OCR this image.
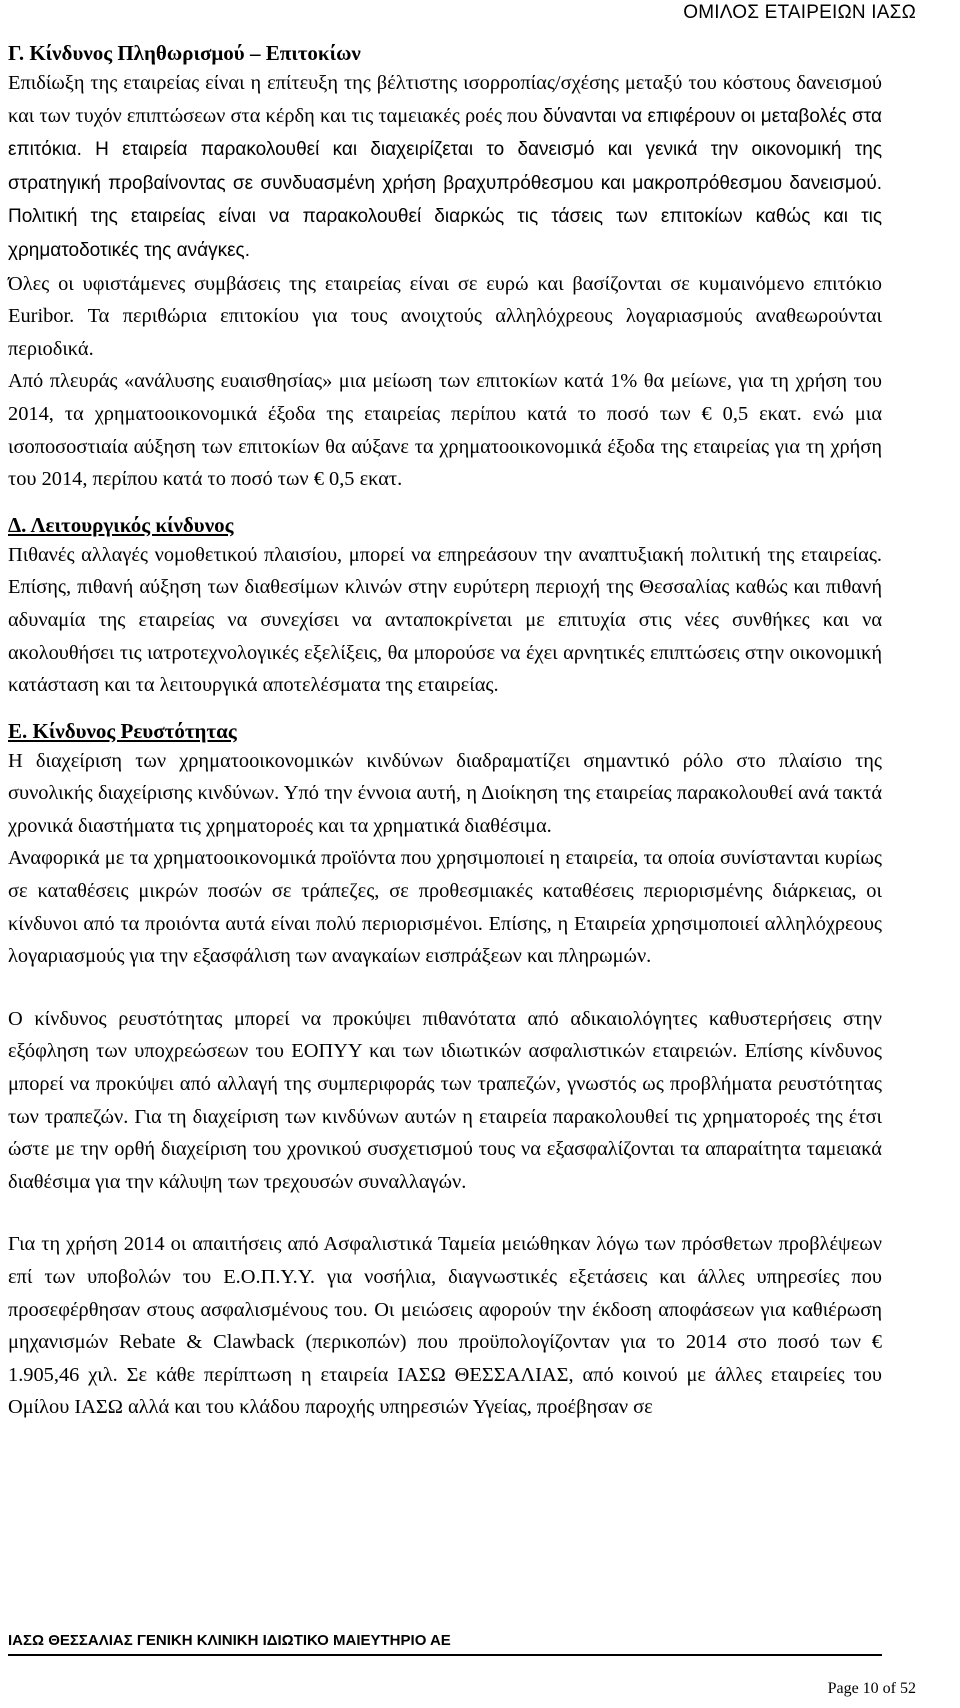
ΟΜΙΛΟΣ ΕΤΑΙΡΕΙΩΝ ΙΑΣΩ
Γ. Κίνδυνος Πληθωρισμού – Επιτοκίων

Επιδίωξη της εταιρείας είναι η επίτευξη της βέλτιστης ισορροπίας/σχέσης μεταξύ του κόστους δανεισμού και των τυχόν επιπτώσεων στα κέρδη και τις ταμειακές ροές που δύνανται να επιφέρουν οι μεταβολές στα επιτόκια. Η εταιρεία παρακολουθεί και διαχειρίζεται το δανεισμό και γενικά την οικονομική της στρατηγική προβαίνοντας σε συνδυασμένη χρήση βραχυπρόθεσμου και μακροπρόθεσμου δανεισμού. Πολιτική της εταιρείας είναι να παρακολουθεί διαρκώς τις τάσεις των επιτοκίων καθώς και τις χρηματοδοτικές της ανάγκες.

Όλες οι υφιστάμενες συμβάσεις της εταιρείας είναι σε ευρώ και βασίζονται σε κυμαινόμενο επιτόκιο Euribor. Τα περιθώρια επιτοκίου για τους ανοιχτούς αλληλόχρεους λογαριασμούς αναθεωρούνται περιοδικά.

Από πλευράς «ανάλυσης ευαισθησίας» μια μείωση των επιτοκίων κατά 1% θα μείωνε, για τη χρήση του 2014, τα χρηματοοικονομικά έξοδα της εταιρείας περίπου κατά το ποσό των € 0,5 εκατ. ενώ μια ισοποσοστιαία αύξηση των επιτοκίων θα αύξανε τα χρηματοοικονομικά έξοδα της εταιρείας για τη χρήση του 2014, περίπου κατά το ποσό των € 0,5 εκατ.

Δ. Λειτουργικός κίνδυνος

Πιθανές αλλαγές νομοθετικού πλαισίου, μπορεί να επηρεάσουν την αναπτυξιακή πολιτική της εταιρείας. Επίσης, πιθανή αύξηση των διαθεσίμων κλινών στην ευρύτερη περιοχή της Θεσσαλίας καθώς και πιθανή αδυναμία της εταιρείας να συνεχίσει να ανταποκρίνεται με επιτυχία στις νέες συνθήκες και να ακολουθήσει τις ιατροτεχνολογικές εξελίξεις, θα μπορούσε να έχει αρνητικές επιπτώσεις στην οικονομική κατάσταση και τα λειτουργικά αποτελέσματα της εταιρείας.

Ε. Κίνδυνος Ρευστότητας

Η διαχείριση των χρηματοοικονομικών κινδύνων διαδραματίζει σημαντικό ρόλο στο πλαίσιο της συνολικής διαχείρισης κινδύνων. Υπό την έννοια αυτή, η Διοίκηση της εταιρείας παρακολουθεί ανά τακτά χρονικά διαστήματα τις χρηματοροές και τα χρηματικά διαθέσιμα.

Αναφορικά με τα χρηματοοικονομικά προϊόντα που χρησιμοποιεί η εταιρεία, τα οποία συνίστανται κυρίως σε καταθέσεις μικρών ποσών σε τράπεζες, σε προθεσμιακές καταθέσεις περιορισμένης διάρκειας, οι κίνδυνοι από τα προιόντα αυτά είναι πολύ περιορισμένοι. Επίσης, η Εταιρεία χρησιμοποιεί αλληλόχρεους λογαριασμούς για την εξασφάλιση των αναγκαίων εισπράξεων και πληρωμών.

Ο κίνδυνος ρευστότητας μπορεί να προκύψει πιθανότατα από αδικαιολόγητες καθυστερήσεις στην εξόφληση των υποχρεώσεων του ΕΟΠΥΥ και των ιδιωτικών ασφαλιστικών εταιρειών. Επίσης κίνδυνος μπορεί να προκύψει από αλλαγή της συμπεριφοράς των τραπεζών, γνωστός ως προβλήματα ρευστότητας των τραπεζών. Για τη διαχείριση των κινδύνων αυτών η εταιρεία παρακολουθεί τις χρηματοροές της έτσι ώστε με την ορθή διαχείριση του χρονικού συσχετισμού τους να εξασφαλίζονται τα απαραίτητα ταμειακά διαθέσιμα για την κάλυψη των τρεχουσών συναλλαγών.

Για τη χρήση 2014 οι απαιτήσεις από Ασφαλιστικά Ταμεία μειώθηκαν λόγω των πρόσθετων προβλέψεων επί των υποβολών του Ε.Ο.Π.Υ.Υ. για νοσήλια, διαγνωστικές εξετάσεις και άλλες υπηρεσίες που προσεφέρθησαν στους ασφαλισμένους του. Οι μειώσεις αφορούν την έκδοση αποφάσεων για καθιέρωση μηχανισμών Rebate & Clawback (περικοπών) που προϋπολογίζονταν για το 2014 στο ποσό των € 1.905,46 χιλ. Σε κάθε περίπτωση η εταιρεία ΙΑΣΩ ΘΕΣΣΑΛΙΑΣ, από κοινού με άλλες εταιρείες του Ομίλου ΙΑΣΩ αλλά και του κλάδου παροχής υπηρεσιών Υγείας, προέβησαν σε

ΙΑΣΩ ΘΕΣΣΑΛΙΑΣ ΓΕΝΙΚΗ ΚΛΙΝΙΚΗ ΙΔΙΩΤΙΚΟ ΜΑΙΕΥΤΗΡΙΟ ΑΕ
Page 10 of 52
